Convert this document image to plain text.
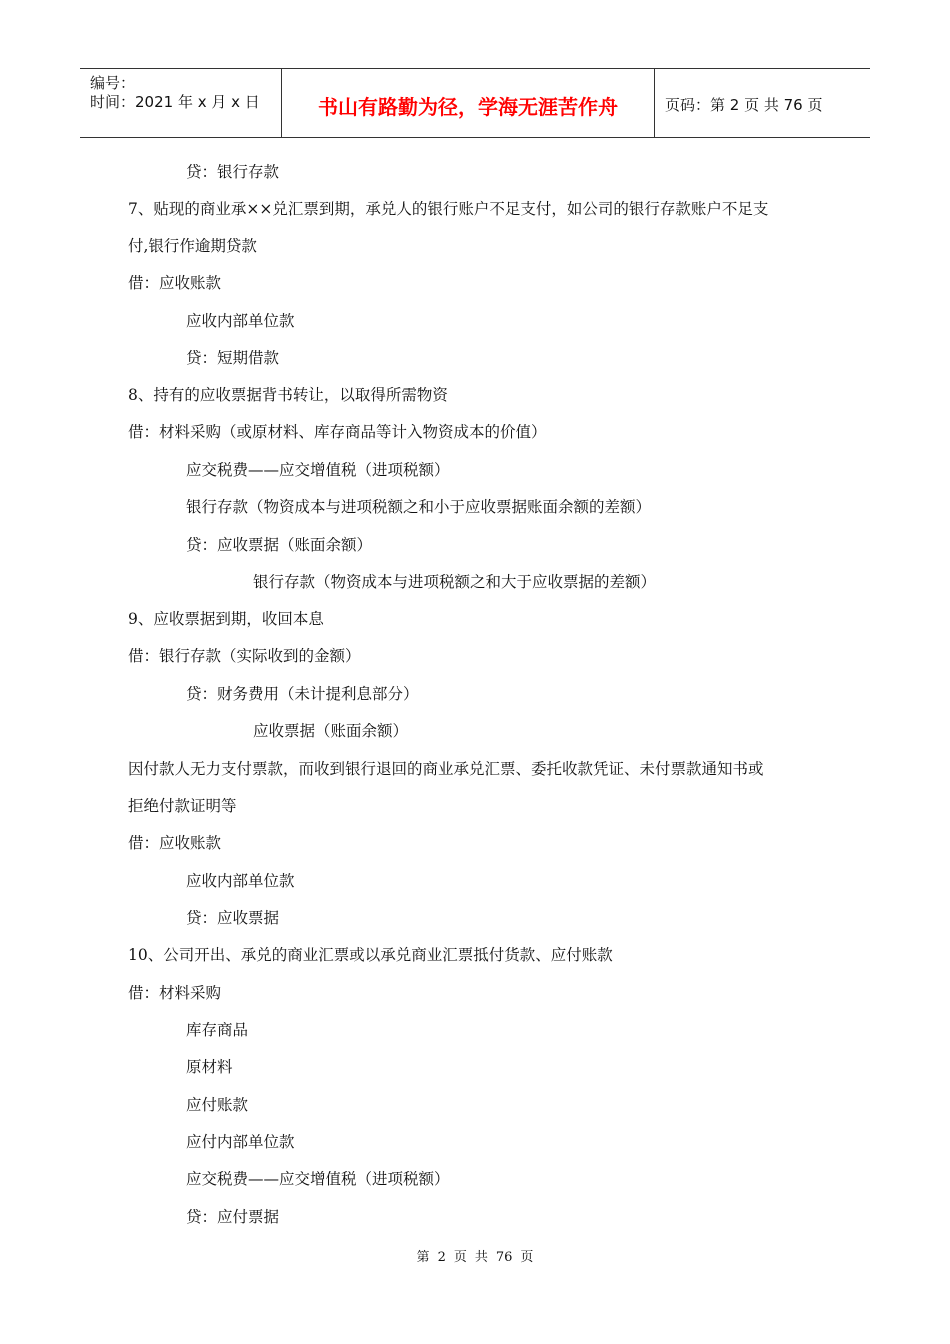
编号：
时间：2021 年 x 月 x 日	书山有路勤为径，学海无涯苦作舟	页码：第 2 页 共 76 页
贷：银行存款
7、贴现的商业承××兑汇票到期，承兑人的银行账户不足支付，如公司的银行存款账户不足支
付,银行作逾期贷款
借：应收账款
应收内部单位款
贷：短期借款
8、持有的应收票据背书转让，以取得所需物资
借：材料采购（或原材料、库存商品等计入物资成本的价值）
应交税费——应交增值税（进项税额）
银行存款（物资成本与进项税额之和小于应收票据账面余额的差额）
贷：应收票据（账面余额）
银行存款（物资成本与进项税额之和大于应收票据的差额）
9、应收票据到期，收回本息
借：银行存款（实际收到的金额）
贷：财务费用（未计提利息部分）
应收票据（账面余额）
因付款人无力支付票款，而收到银行退回的商业承兑汇票、委托收款凭证、未付票款通知书或
拒绝付款证明等
借：应收账款
应收内部单位款
贷：应收票据
10、公司开出、承兑的商业汇票或以承兑商业汇票抵付货款、应付账款
借：材料采购
库存商品
原材料
应付账款
应付内部单位款
应交税费——应交增值税（进项税额）
贷：应付票据
第 2 页 共 76 页
